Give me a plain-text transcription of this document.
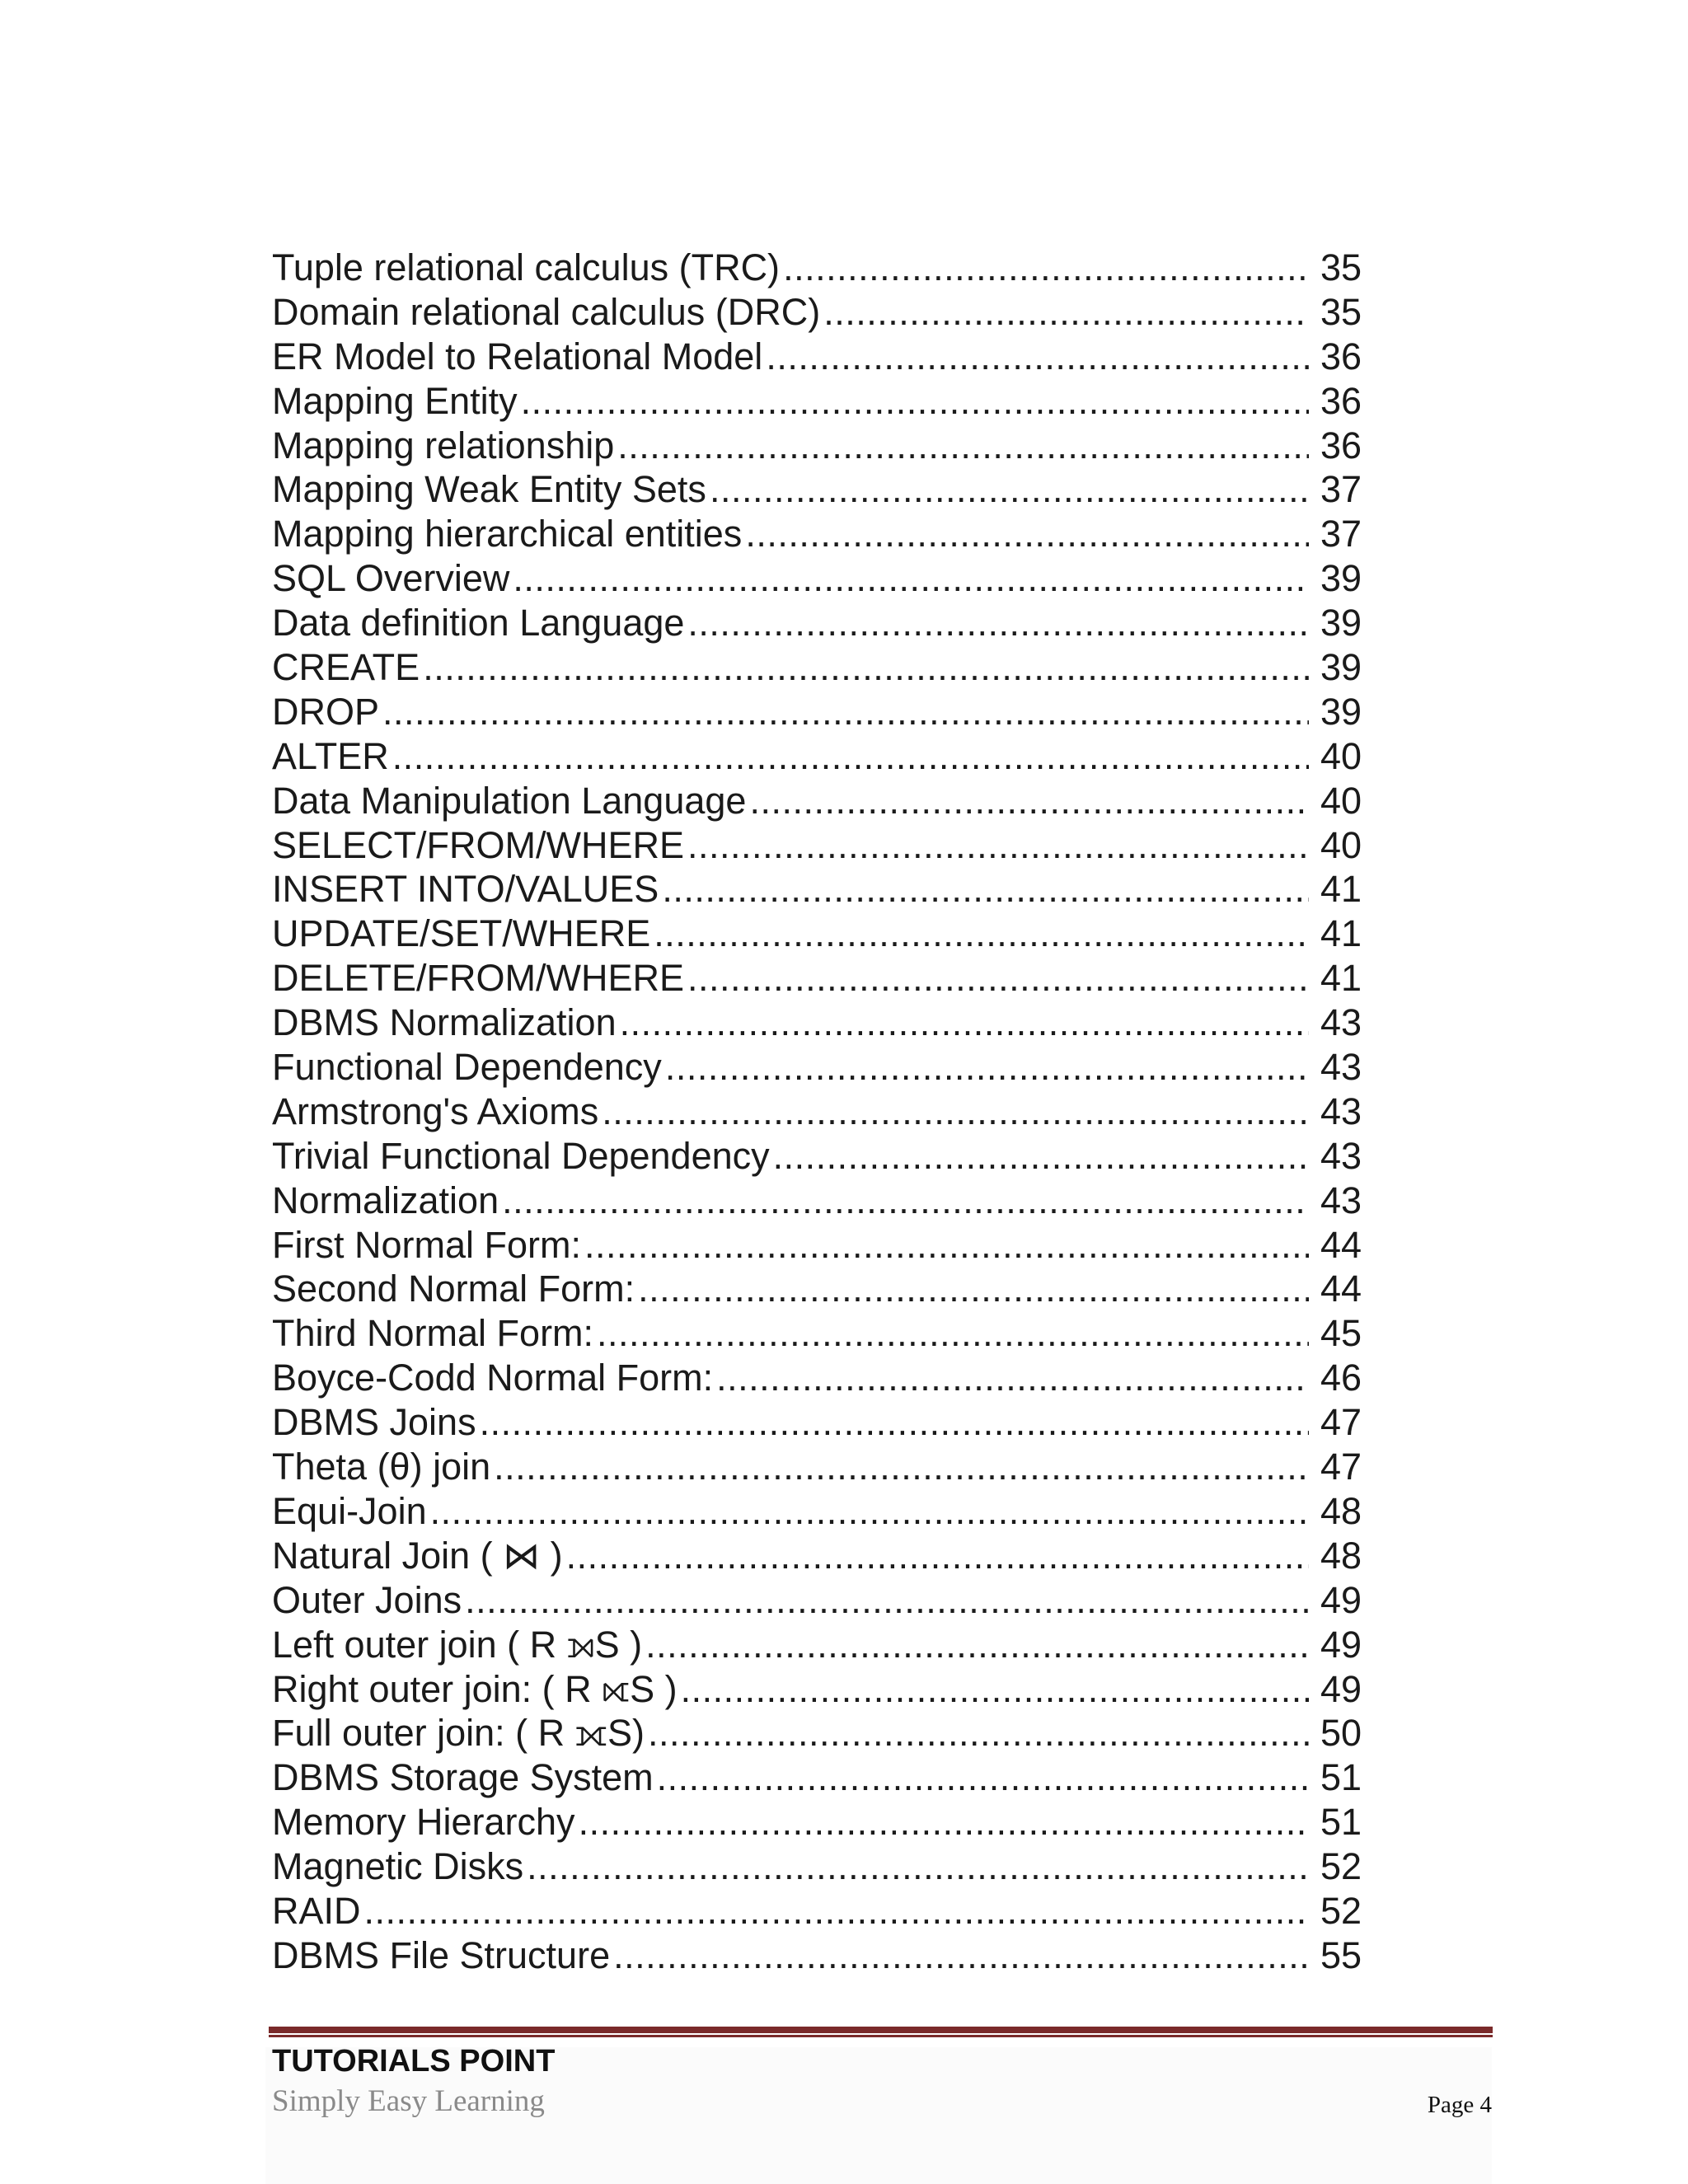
Tuple relational calculus (TRC) .....	35
Domain relational calculus (DRC) .....	35
ER Model to Relational Model .....	36
Mapping Entity .....	36
Mapping relationship .....	36
Mapping Weak Entity Sets .....	37
Mapping hierarchical entities .....	37
SQL Overview .....	39
Data definition Language .....	39
CREATE .....	39
DROP .....	39
ALTER .....	40
Data Manipulation Language .....	40
SELECT/FROM/WHERE .....	40
INSERT INTO/VALUES .....	41
UPDATE/SET/WHERE .....	41
DELETE/FROM/WHERE .....	41
DBMS Normalization .....	43
Functional Dependency .....	43
Armstrong's Axioms .....	43
Trivial Functional Dependency .....	43
Normalization .....	43
First Normal Form: .....	44
Second Normal Form: .....	44
Third Normal Form: .....	45
Boyce-Codd Normal Form: .....	46
DBMS Joins .....	47
Theta (θ) join .....	47
Equi-Join .....	48
Natural Join ( ⋈ ) .....	48
Outer Joins .....	49
Left outer join ( R ⟕S ) .....	49
Right outer join: ( R ⟖S ) .....	49
Full outer join: ( R ⟗S) .....	50
DBMS Storage System .....	51
Memory Hierarchy .....	51
Magnetic Disks .....	52
RAID .....	52
DBMS File Structure .....	55
TUTORIALS POINT
Simply Easy Learning	Page 4
